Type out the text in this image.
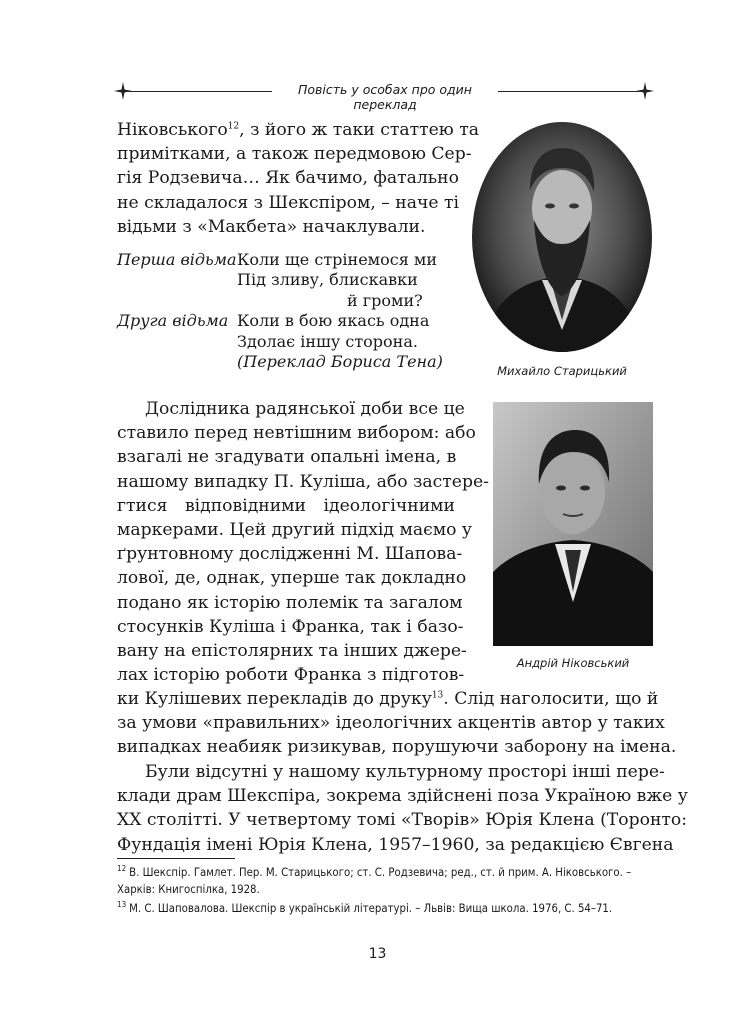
Повість у особах про один переклад
Ніковського$^{12}$, з його ж таки статтею та
примітками, а також передмовою Сер-
гія Родзевича… Як бачимо, фатально
не складалося з Шекспіром, – наче ті
відьми з «Макбета» начаклували.
Перша відьма Коли ще стрінемося ми
Під зливу, блискавки
й громи?
Друга відьма Коли в бою якась одна
Здолає іншу сторона.
(Переклад Бориса Тена)
Михайло Старицький
Андрій Ніковський
Дослідника радянської доби все це
ставило перед невтішним вибором: або
взагалі не згадувати опальні імена, в
нашому випадку П. Куліша, або застере-
гтися відповідними ідеологічними
маркерами. Цей другий підхід маємо у
ґрунтовному дослідженні М. Шапова-
лової, де, однак, уперше так докладно
подано як історію полемік та загалом
стосунків Куліша і Франка, так і базо-
вану на епістолярних та інших джере-
лах історію роботи Франка з підготов-
ки Кулішевих перекладів до друку$^{13}$. Слід наголосити, що й
за умови «правильних» ідеологічних акцентів автор у таких
випадках неабияк ризикував, порушуючи заборону на імена.
Були відсутні у нашому культурному просторі інші пере-
клади драм Шекспіра, зокрема здійснені поза Україною вже у
XX столітті. У четвертому томі «Творів» Юрія Клена (Торонто:
Фундація імені Юрія Клена, 1957–1960, за редакцією Євгена
$^{12}$ В. Шекспір. Гамлет. Пер. М. Старицького; ст. С. Родзевича; ред., ст. й прим. А. Ніковського. –
Харків: Книгоспілка, 1928.
$^{13}$ М. С. Шаповалова. Шекспір в українській літературі. – Львів: Вища школа. 1976, С. 54–71.
13
